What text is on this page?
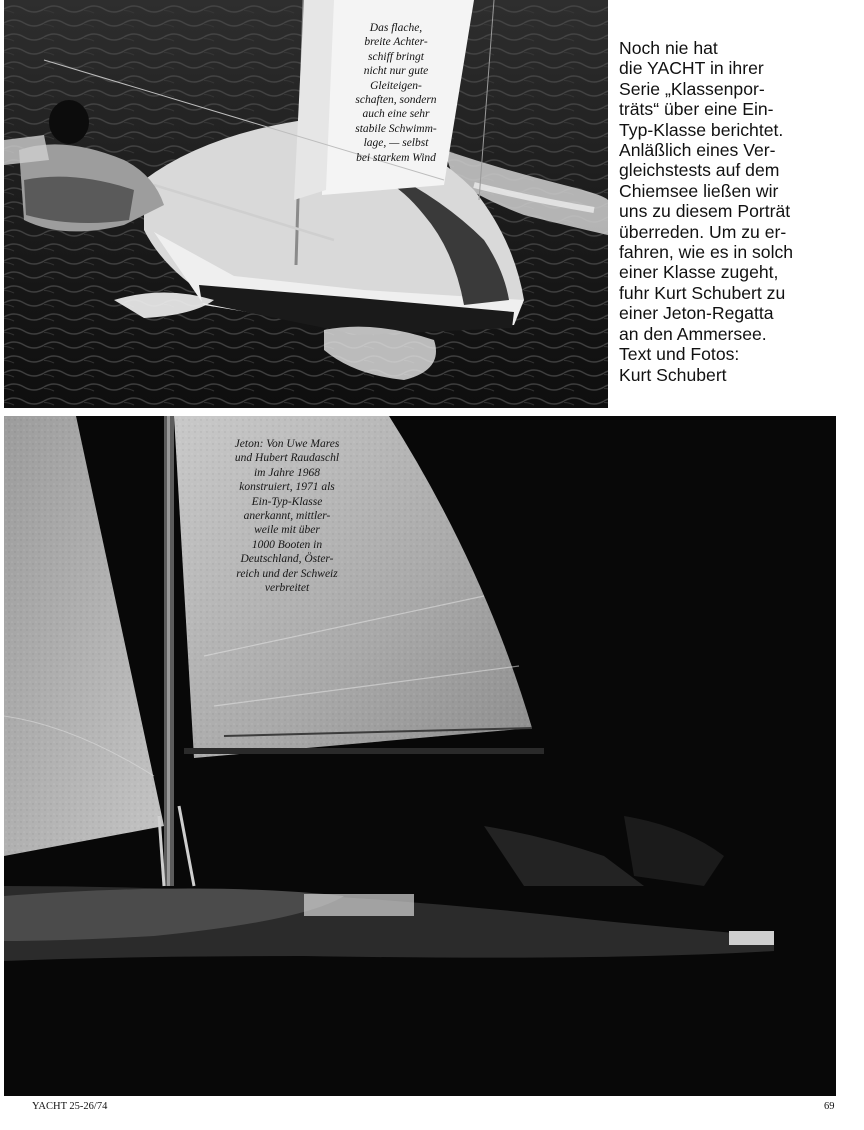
Das flache,
breite Achter-
schiff bringt
nicht nur gute
Gleiteigen-
schaften, sondern
auch eine sehr
stabile Schwimm-
lage, — selbst
bei starkem Wind

Noch nie hat
die YACHT in ihrer
Serie „Klassenpor-
träts“ über eine Ein-
Typ-Klasse berichtet.
Anläßlich eines Ver-
gleichstests auf dem
Chiemsee ließen wir
uns zu diesem Porträt
überreden. Um zu er-
fahren, wie es in solch
einer Klasse zugeht,
fuhr Kurt Schubert zu
einer Jeton-Regatta
an den Ammersee.
Text und Fotos:
Kurt Schubert

Jeton: Von Uwe Mares
und Hubert Raudaschl
im Jahre 1968
konstruiert, 1971 als
Ein-Typ-Klasse
anerkannt, mittler-
weile mit über
1000 Booten in
Deutschland, Öster-
reich und der Schweiz
verbreitet

YACHT 25-26/74	69
